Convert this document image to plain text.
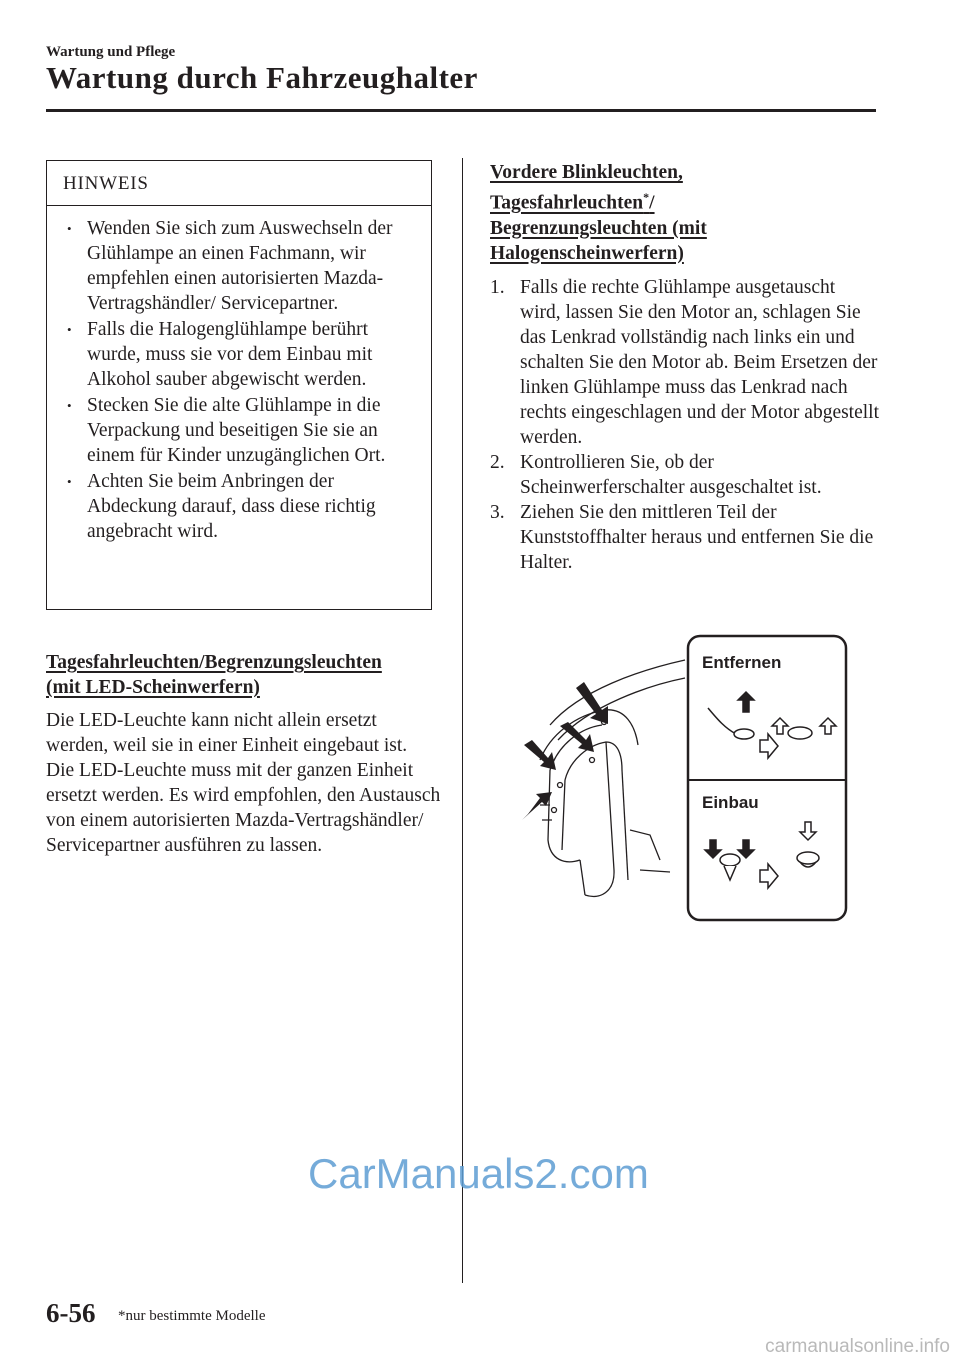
Wartung und Pflege
Wartung durch Fahrzeughalter
HINWEIS
• Wenden Sie sich zum Auswechseln der Glühlampe an einen Fachmann, wir empfehlen einen autorisierten Mazda-Vertragshändler/ Servicepartner.
• Falls die Halogenglühlampe berührt wurde, muss sie vor dem Einbau mit Alkohol sauber abgewischt werden.
• Stecken Sie die alte Glühlampe in die Verpackung und beseitigen Sie sie an einem für Kinder unzugänglichen Ort.
• Achten Sie beim Anbringen der Abdeckung darauf, dass diese richtig angebracht wird.
Tagesfahrleuchten/Begrenzungsleuchten
(mit LED-Scheinwerfern)
Die LED-Leuchte kann nicht allein ersetzt werden, weil sie in einer Einheit eingebaut ist.
Die LED-Leuchte muss mit der ganzen Einheit ersetzt werden. Es wird empfohlen, den Austausch von einem autorisierten Mazda-Vertragshändler/ Servicepartner ausführen zu lassen.
Vordere Blinkleuchten,
Tagesfahrleuchten*/
Begrenzungsleuchten (mit
Halogenscheinwerfern)
1. Falls die rechte Glühlampe ausgetauscht wird, lassen Sie den Motor an, schlagen Sie das Lenkrad vollständig nach links ein und schalten Sie den Motor ab. Beim Ersetzen der linken Glühlampe muss das Lenkrad nach rechts eingeschlagen und der Motor abgestellt werden.
2. Kontrollieren Sie, ob der Scheinwerferschalter ausgeschaltet ist.
3. Ziehen Sie den mittleren Teil der Kunststoffhalter heraus und entfernen Sie die Halter.
Entfernen
Einbau
6-56 *nur bestimmte Modelle
CarManuals2.com
carmanualsonline.info
